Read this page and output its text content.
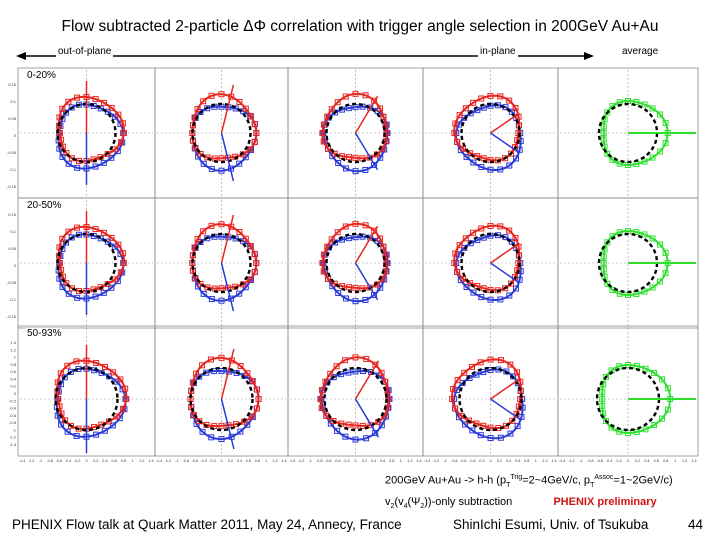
Flow subtracted 2-particle ΔΦ correlation with trigger angle selection in 200GeV Au+Au
out-of-plane	in-plane	average
0.15
0.1
0.05
0
-0.05
-0.1
-0.15
0.15
0.1
0.05
0
-0.05
-0.1
-0.15
1.4
1.2
1
0.8
0.6
0.4
0.2
0
-0.2
-0.4
-0.6
-0.8
-1
-1.2
-1.4
-1.4 -1.2 -1 -0.8 -0.6 -0.4 -0.2 0 0.2 0.4 0.6 0.8 1 1.2 1.4 -1.4 -1.2 -1 -0.8 -0.6 -0.4 -0.2 0 0.2 0.4 0.6 0.8 1 1.2 1.4 -1.4 -1.2 -1 -0.8 -0.6 -0.4 -0.2 0 0.2 0.4 0.6 0.8 1 1.2 1.4 -1.4 -1.2 -1 -0.8 -0.6 -0.4 -0.2 0 0.2 0.4 0.6 0.8 1 1.2 1.4 -1.4 -1.2 -1 -0.8 -0.6 -0.4 -0.2 0 0.2 0.4 0.6 0.8 1 1.2 1.4
0-20%
20-50%
50-93%
200GeV Au+Au -> h-h ($p_T^{Trig}=2\sim 4GeV/c$, $p_T^{Assoc}=1\sim 2GeV/c$)
$v_2(v_4(\Psi_2))$-only subtraction	PHENIX preliminary
PHENIX Flow talk at Quark Matter 2011, May 24, Annecy, France	ShinIchi Esumi, Univ. of Tsukuba	44
